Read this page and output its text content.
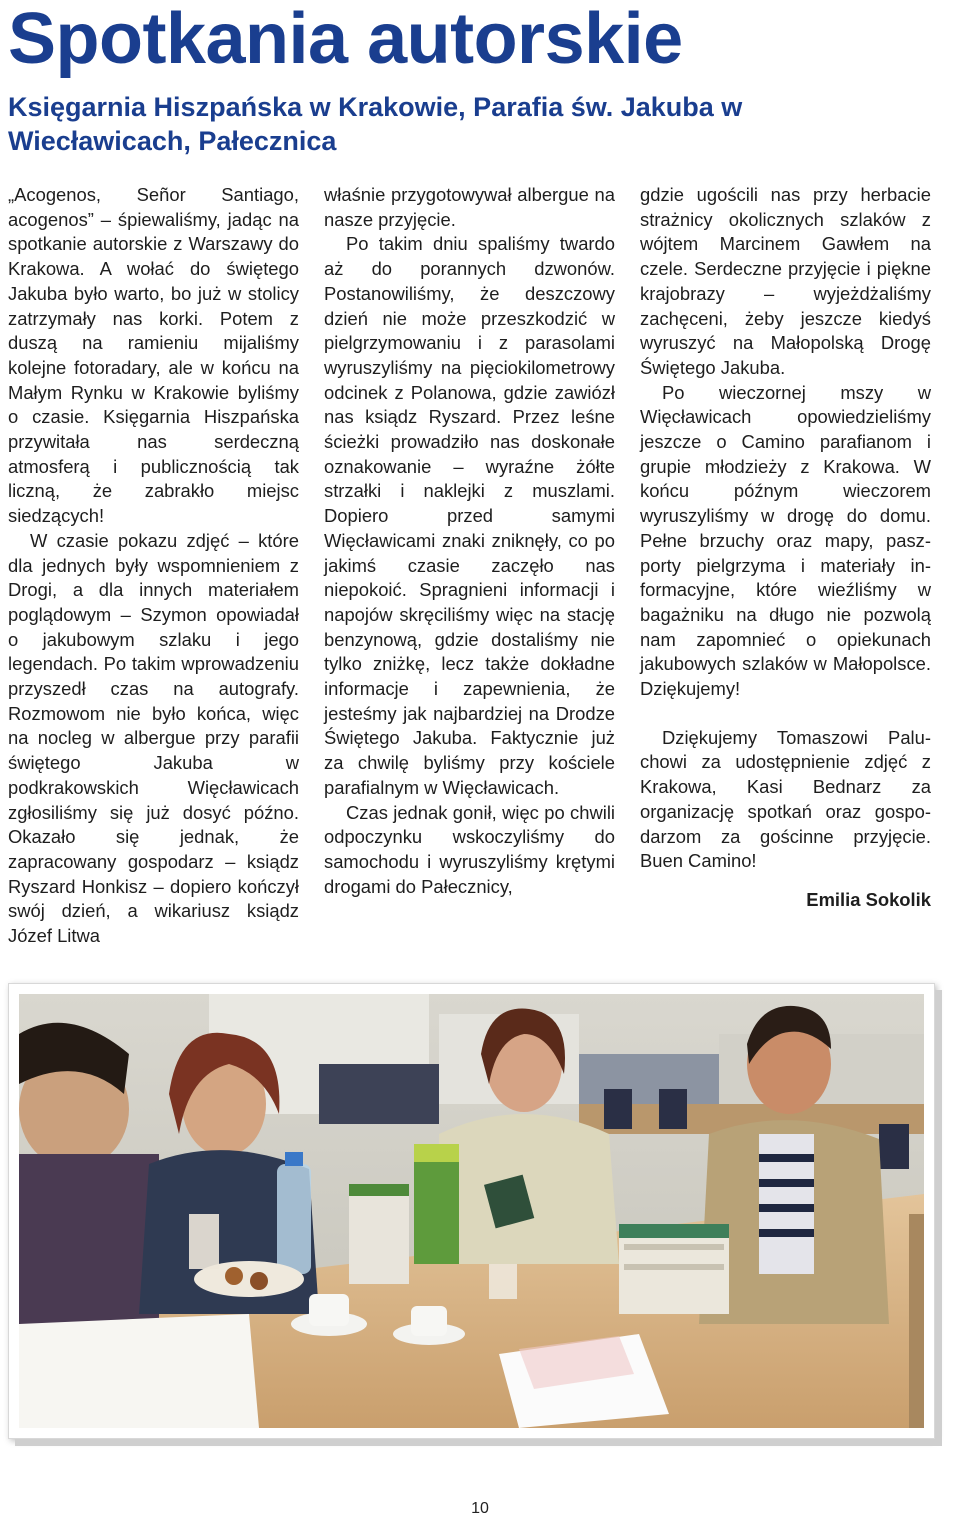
Spotkania autorskie
Księgarnia Hiszpańska w Krakowie, Parafia św. Jakuba w Wiecławicach, Pałecznica

„Acogenos, Señor Santiago, acogenos” – śpiewaliśmy, jadąc na spotkanie autorskie z Warszawy do Krakowa. A wołać do świętego Jakuba było warto, bo już w stolicy zatrzymały nas korki. Potem z duszą na ramieniu mijaliśmy kolejne fotoradary, ale w końcu na Małym Rynku w Krakowie byliśmy o czasie. Księgarnia Hiszpańska przywitała nas serdeczną atmosferą i publicznością tak liczną, że zabrakło miejsc siedzących!

W czasie pokazu zdjęć – które dla jednych były wspomnieniem z Drogi, a dla innych materiałem poglądowym – Szymon opowiadał o jakubowym szlaku i jego legendach. Po takim wprowadzeniu przyszedł czas na autografy. Rozmowom nie było końca, więc na nocleg w albergue przy parafii świętego Jakuba w podkrakowskich Więcławicach zgłosiliśmy się już dosyć późno. Okazało się jednak, że zapracowany gospodarz – ksiądz Ryszard Honkisz – dopiero kończył swój dzień, a wikariusz ksiądz Józef Litwa

właśnie przygotowywał albergue na nasze przyjęcie.

Po takim dniu spaliśmy twardo aż do porannych dzwonów. Postanowiliśmy, że deszczowy dzień nie może przeszkodzić w pielgrzymowaniu i z parasolami wyruszyliśmy na pięciokilometrowy odcinek z Polanowa, gdzie zawiózł nas ksiądz Ryszard. Przez leśne ścieżki prowadziło nas doskonałe oznakowanie – wyraźne żółte strzałki i naklejki z muszlami. Dopiero przed samymi Więcławicami znaki zniknęły, co po jakimś czasie zaczęło nas niepokoić. Spragnieni informacji i napojów skręciliśmy więc na stację benzynową, gdzie dostaliśmy nie tylko zniżkę, lecz także dokładne informacje i zapewnienia, że jesteśmy jak najbardziej na Drodze Świętego Jakuba. Faktycznie już za chwilę byliśmy przy kościele parafialnym w Więcławicach.

Czas jednak gonił, więc po chwili odpoczynku wskoczyliśmy do samochodu i wyruszyliśmy krętymi drogami do Pałecznicy,

gdzie ugościli nas przy herbacie strażnicy okolicznych szlaków z wójtem Marcinem Gawłem na czele. Serdeczne przyjęcie i piękne krajobrazy – wyjeżdżaliśmy zachęceni, żeby jeszcze kiedyś wyruszyć na Małopolską Drogę Świętego Jakuba.

Po wieczornej mszy w Więcławicach opowiedzieliśmy jeszcze o Camino parafianom i grupie młodzieży z Krakowa. W końcu późnym wieczorem wyruszyliśmy w drogę do domu. Pełne brzuchy oraz mapy, paszporty pielgrzyma i materiały informacyjne, które wieźliśmy w bagażniku na długo nie pozwolą nam zapomnieć o opiekunach jakubowych szlaków w Małopolsce. Dziękujemy!

Dziękujemy Tomaszowi Paluchowi za udostępnienie zdjęć z Krakowa, Kasi Bednarz za organizację spotkań oraz gospodarzom za gościnne przyjęcie. Buen Camino!

Emilia Sokolik

10
